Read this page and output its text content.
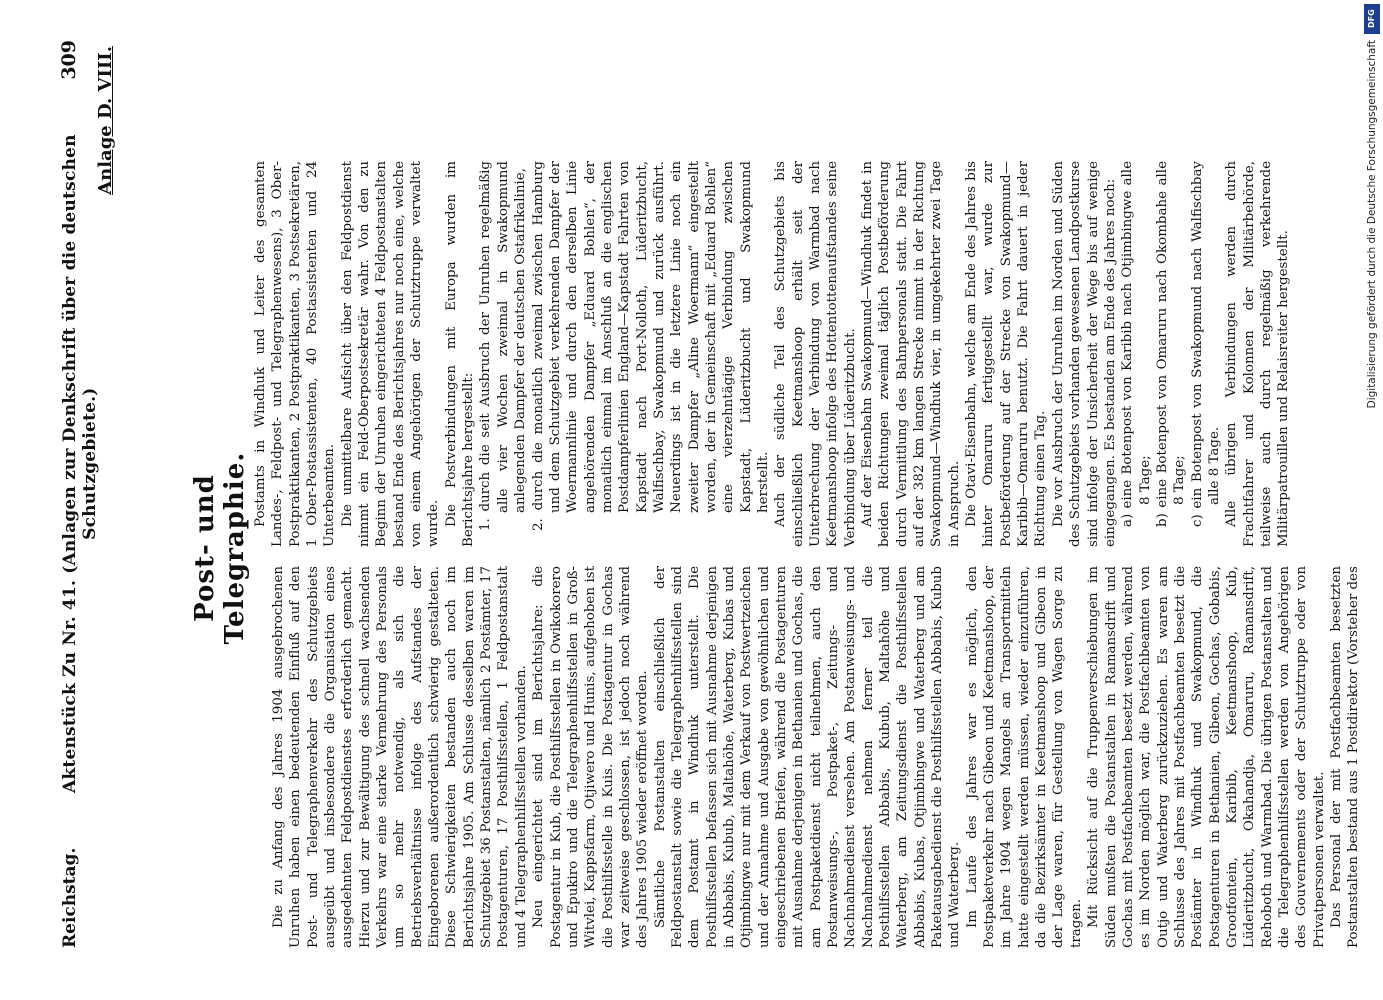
Reichstag.
Aktenstück Zu Nr. 41. (Anlagen zur Denkschrift über die deutschen Schutzgebiete.)
309 Anlage D. VIII.
Post- und Telegraphie.

Die zu Anfang des Jahres 1904 ausgebrochenen Unruhen haben einen bedeutenden Einfluß auf den Post- und Telegraphenverkehr des Schutzgebiets ausgeübt und insbesondere die Organisation eines ausgedehnten Feldpostdienstes erforderlich gemacht. Hierzu und zur Bewältigung des schnell wachsenden Verkehrs war eine starke Vermehrung des Personals um so mehr notwendig, als sich die Betriebsverhältnisse infolge des Aufstandes der Eingeborenen außerordentlich schwierig gestalteten. Diese Schwierigkeiten bestanden auch noch im Berichtsjahre 1905. Am Schlusse desselben waren im Schutzgebiet 36 Postanstalten, nämlich 2 Postämter, 17 Postagenturen, 17 Posthilfsstellen, 1 Feldpostanstalt und 4 Telegraphenhilfsstellen vorhanden. Neu eingerichtet sind im Berichtsjahre: die Postagentur in Kub, die Posthilfsstellen in Owikokorero und Epukiro und die Telegraphenhilfsstellen in Groß-Witvlei, Kappsfarm, Otjiwero und Hunis, aufgehoben ist die Posthilfsstelle in Kuis. Die Postagentur in Gochas war zeitweise geschlossen, ist jedoch noch während des Jahres 1905 wieder eröffnet worden. Sämtliche Postanstalten einschließlich der Feldpostanstalt sowie die Telegraphenhilfsstellen sind dem Postamt in Windhuk unterstellt. Die Posthilfsstellen befassen sich mit Ausnahme derjenigen in Abbabis, Kubub, Maltahöhe, Waterberg, Kubas und Otjimbingwe nur mit dem Verkauf von Postwertzeichen und der Annahme und Ausgabe von gewöhnlichen und eingeschriebenen Briefen, während die Postagenturen mit Ausnahme derjenigen in Bethanien und Gochas, die am Postpaketdienst nicht teilnehmen, auch den Postanweisungs-, Postpaket-, Zeitungs- und Nachnahmedienst versehen. Am Postanweisungs- und Nachnahmedienst nehmen ferner teil die Posthilfsstellen Abbabis, Kubub, Maltahöhe und Waterberg, am Zeitungsdienst die Posthilfsstellen Abbabis, Kubas, Otjimbingwe und Waterberg und am Paketausgabedienst die Posthilfsstellen Abbabis, Kubub und Waterberg. Im Laufe des Jahres war es möglich, den Postpaketverkehr nach Gibeon und Keetmanshoop, der im Jahre 1904 wegen Mangels an Transportmitteln hatte eingestellt werden müssen, wieder einzuführen, da die Bezirksämter in Keetmanshoop und Gibeon in der Lage waren, für Gestellung von Wagen Sorge zu tragen. Mit Rücksicht auf die Truppenverschiebungen im Süden mußten die Postanstalten in Ramansdrift und Gochas mit Postfachbeamten besetzt werden, während es im Norden möglich war, die Postfachbeamten von Outjo und Waterberg zurückzuziehen. Es waren am Schlusse des Jahres mit Postfachbeamten besetzt die Postämter in Windhuk und Swakopmund, die Postagenturen in Bethanien, Gibeon, Gochas, Gobabis, Grootfontein, Karibib, Keetmanshoop, Kub, Lüderitzbucht, Okahandja, Omaruru, Ramansdrift, Rehoboth und Warmbad. Die übrigen Postanstalten und die Telegraphenhilfsstellen werden von Angehörigen des Gouvernements oder der Schutztruppe oder von Privatpersonen verwaltet. Das Personal der mit Postfachbeamten besetzten Postanstalten bestand aus 1 Postdirektor (Vorsteher des

Postamts in Windhuk und Leiter des gesamten Landes-, Feldpost- und Telegraphenwesens), 3 Ober-Postpraktikanten, 2 Postpraktikanten, 3 Postsekretären, 1 Ober-Postassistenten, 40 Postassistenten und 24 Unterbeamten. Die unmittelbare Aufsicht über den Feldpostdienst nimmt ein Feld-Oberpostsekretär wahr. Von den zu Beginn der Unruhen eingerichteten 4 Feldpostanstalten bestand Ende des Berichtsjahres nur noch eine, welche von einem Angehörigen der Schutztruppe verwaltet wurde. Die Postverbindungen mit Europa wurden im Berichtsjahre hergestellt: 1. durch die seit Ausbruch der Unruhen regelmäßig alle vier Wochen zweimal in Swakopmund anlegenden Dampfer der deutschen Ostafrikalinie, 2. durch die monatlich zweimal zwischen Hamburg und dem Schutzgebiet verkehrenden Dampfer der Woermannlinie und durch den derselben Linie angehörenden Dampfer „Eduard Bohlen“, der monatlich einmal im Anschluß an die englischen Postdampferlinien England—Kapstadt Fahrten von Kapstadt nach Port-Nolloth, Lüderitzbucht, Walfischbay, Swakopmund und zurück ausführt. Neuerdings ist in die letztere Linie noch ein zweiter Dampfer „Aline Woermann“ eingestellt worden, der in Gemeinschaft mit „Eduard Bohlen“ eine vierzehntägige Verbindung zwischen Kapstadt, Lüderitzbucht und Swakopmund herstellt. Auch der südliche Teil des Schutzgebiets bis einschließlich Keetmanshoop erhält seit der Unterbrechung der Verbindung von Warmbad nach Keetmanshoop infolge des Hottentottenaufstandes seine Verbindung über Lüderitzbucht. Auf der Eisenbahn Swakopmund—Windhuk findet in beiden Richtungen zweimal täglich Postbeförderung durch Vermittlung des Bahnpersonals statt. Die Fahrt auf der 382 km langen Strecke nimmt in der Richtung Swakopmund—Windhuk vier, in umgekehrter zwei Tage in Anspruch. Die Otavi-Eisenbahn, welche am Ende des Jahres bis hinter Omaruru fertiggestellt war, wurde zur Postbeförderung auf der Strecke von Swakopmund—Karibib—Omaruru benutzt. Die Fahrt dauert in jeder Richtung einen Tag. Die vor Ausbruch der Unruhen im Norden und Süden des Schutzgebiets vorhanden gewesenen Landpostkurse sind infolge der Unsicherheit der Wege bis auf wenige eingegangen. Es bestanden am Ende des Jahres noch: a) eine Botenpost von Karibib nach Otjimbingwe alle 8 Tage; b) eine Botenpost von Omaruru nach Okombahe alle 8 Tage; c) ein Botenpost von Swakopmund nach Walfischbay alle 8 Tage. Alle übrigen Verbindungen werden durch Frachtfahrer und Kolonnen der Militärbehörde, teilweise auch durch regelmäßig verkehrende Militärpatrouillen und Relaisreiter hergestellt.	Digitalisierung gefördert durch die Deutsche Forschungsgemeinschaft
DFG
